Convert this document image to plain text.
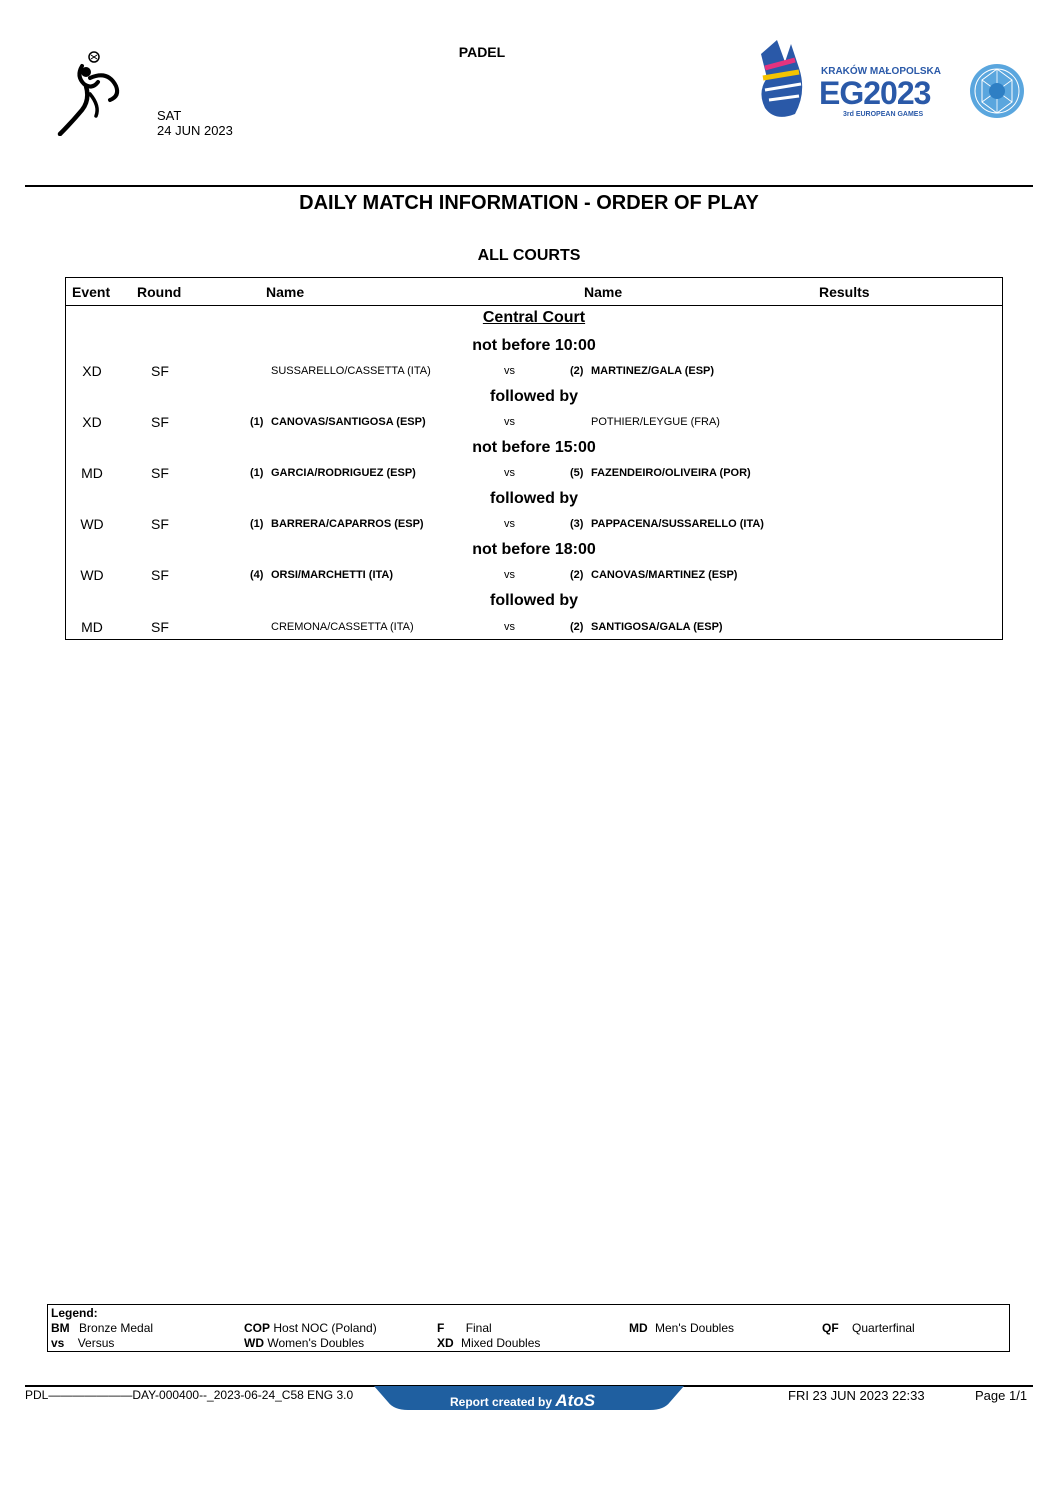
PADEL
SAT
24 JUN 2023
KRAKÓW MAŁOPOLSKA
EG2023
3rd EUROPEAN GAMES
DAILY MATCH INFORMATION - ORDER OF PLAY
ALL COURTS
Event Round	Name	Name	Results
Central Court
not before 10:00
XD	SF	SUSSARELLO/CASSETTA (ITA)	vs	(2) MARTINEZ/GALA (ESP)
followed by
XD	SF	(1) CANOVAS/SANTIGOSA (ESP)	vs	POTHIER/LEYGUE (FRA)
not before 15:00
MD	SF	(1) GARCIA/RODRIGUEZ (ESP)	vs	(5) FAZENDEIRO/OLIVEIRA (POR)
followed by
WD	SF	(1) BARRERA/CAPARROS (ESP)	vs	(3) PAPPACENA/SUSSARELLO (ITA)
not before 18:00
WD	SF	(4) ORSI/MARCHETTI (ITA)	vs	(2) CANOVAS/MARTINEZ (ESP)
followed by
MD	SF	CREMONA/CASSETTA (ITA)	vs	(2) SANTIGOSA/GALA (ESP)
Legend:
BM Bronze Medal	COP Host NOC (Poland)	F Final	MD Men's Doubles	QF Quarterfinal
vs Versus	WD Women's Doubles	XD Mixed Doubles
PDL———————DAY-000400--_2023-06-24_C58 ENG 3.0	Report created by AtoS	FRI 23 JUN 2023 22:33	Page 1/1
